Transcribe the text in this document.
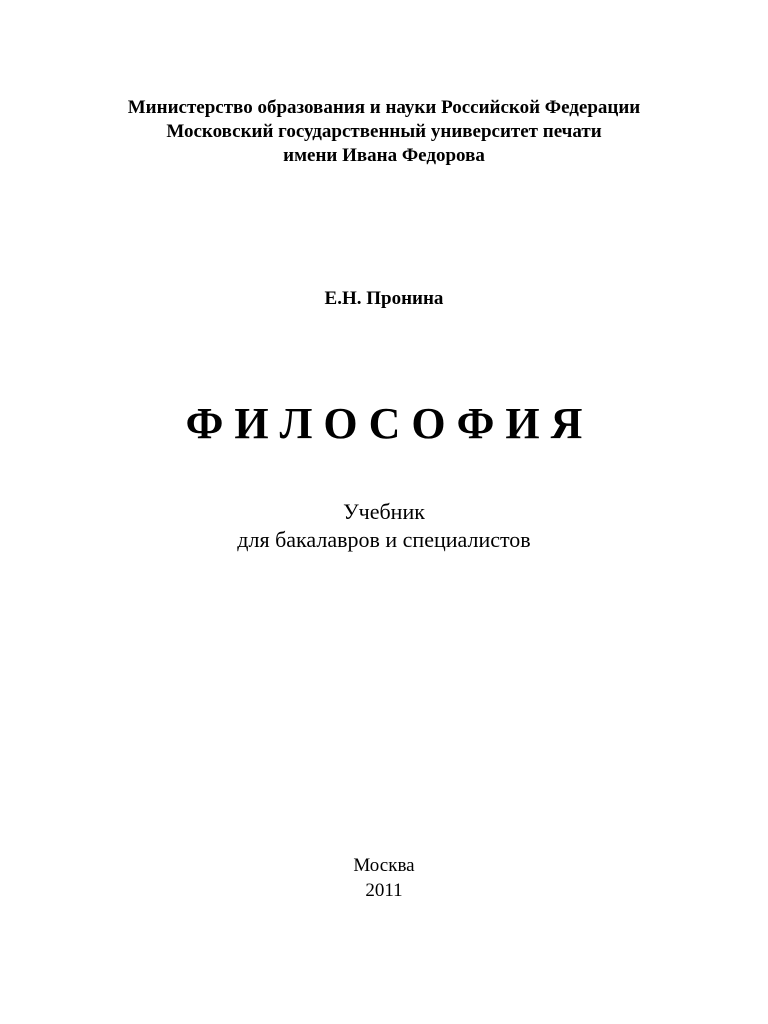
Министерство образования и науки Российской Федерации
Московский государственный университет печати
имени Ивана Федорова
Е.Н. Пронина
Ф И Л О С О Ф И Я
Учебник
для бакалавров и специалистов
Москва
2011
